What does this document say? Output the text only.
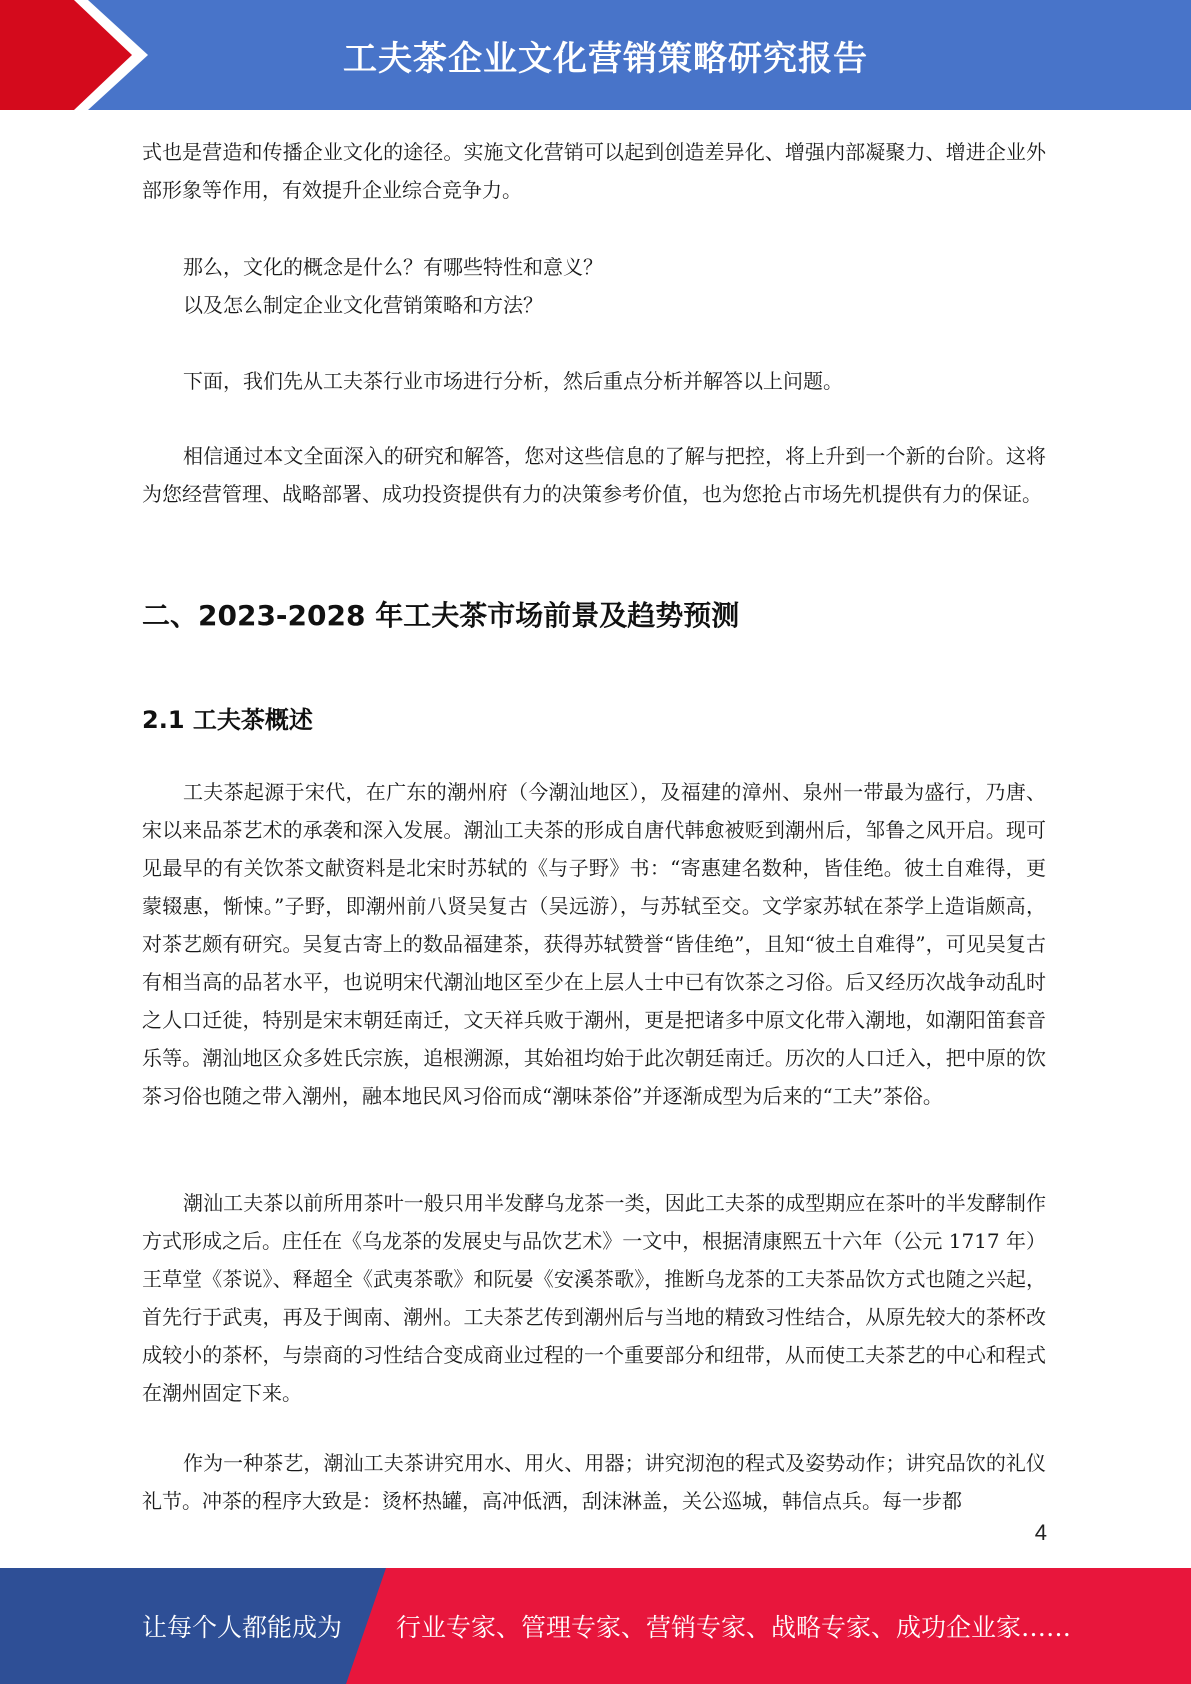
工夫茶企业文化营销策略研究报告

式也是营造和传播企业文化的途径。实施文化营销可以起到创造差异化、增强内部凝聚力、增进企业外部形象等作用，有效提升企业综合竞争力。

那么，文化的概念是什么？有哪些特性和意义？

以及怎么制定企业文化营销策略和方法？

下面，我们先从工夫茶行业市场进行分析，然后重点分析并解答以上问题。

相信通过本文全面深入的研究和解答，您对这些信息的了解与把控，将上升到一个新的台阶。这将为您经营管理、战略部署、成功投资提供有力的决策参考价值，也为您抢占市场先机提供有力的保证。

二、2023-2028 年工夫茶市场前景及趋势预测
2.1 工夫茶概述

工夫茶起源于宋代，在广东的潮州府（今潮汕地区），及福建的漳州、泉州一带最为盛行，乃唐、宋以来品茶艺术的承袭和深入发展。潮汕工夫茶的形成自唐代韩愈被贬到潮州后，邹鲁之风开启。现可见最早的有关饮茶文献资料是北宋时苏轼的《与子野》书：“寄惠建名数种，皆佳绝。彼土自难得，更蒙辍惠，惭悚。”子野，即潮州前八贤吴复古（吴远游），与苏轼至交。文学家苏轼在茶学上造诣颇高，对茶艺颇有研究。吴复古寄上的数品福建茶，获得苏轼赞誉“皆佳绝”，且知“彼土自难得”，可见吴复古有相当高的品茗水平，也说明宋代潮汕地区至少在上层人士中已有饮茶之习俗。后又经历次战争动乱时之人口迁徙，特别是宋末朝廷南迁，文天祥兵败于潮州，更是把诸多中原文化带入潮地，如潮阳笛套音乐等。潮汕地区众多姓氏宗族，追根溯源，其始祖均始于此次朝廷南迁。历次的人口迁入，把中原的饮茶习俗也随之带入潮州，融本地民风习俗而成“潮味茶俗”并逐渐成型为后来的“工夫”茶俗。

潮汕工夫茶以前所用茶叶一般只用半发酵乌龙茶一类，因此工夫茶的成型期应在茶叶的半发酵制作方式形成之后。庄任在《乌龙茶的发展史与品饮艺术》一文中，根据清康熙五十六年（公元 1717 年）王草堂《茶说》、释超全《武夷茶歌》和阮晏《安溪茶歌》，推断乌龙茶的工夫茶品饮方式也随之兴起，首先行于武夷，再及于闽南、潮州。工夫茶艺传到潮州后与当地的精致习性结合，从原先较大的茶杯改成较小的茶杯，与崇商的习性结合变成商业过程的一个重要部分和纽带，从而使工夫茶艺的中心和程式在潮州固定下来。

作为一种茶艺，潮汕工夫茶讲究用水、用火、用器；讲究沏泡的程式及姿势动作；讲究品饮的礼仪礼节。冲茶的程序大致是：烫杯热罐，高冲低洒，刮沫淋盖，关公巡城，韩信点兵。每一步都

4
让每个人都能成为 行业专家、管理专家、营销专家、战略专家、成功企业家……
